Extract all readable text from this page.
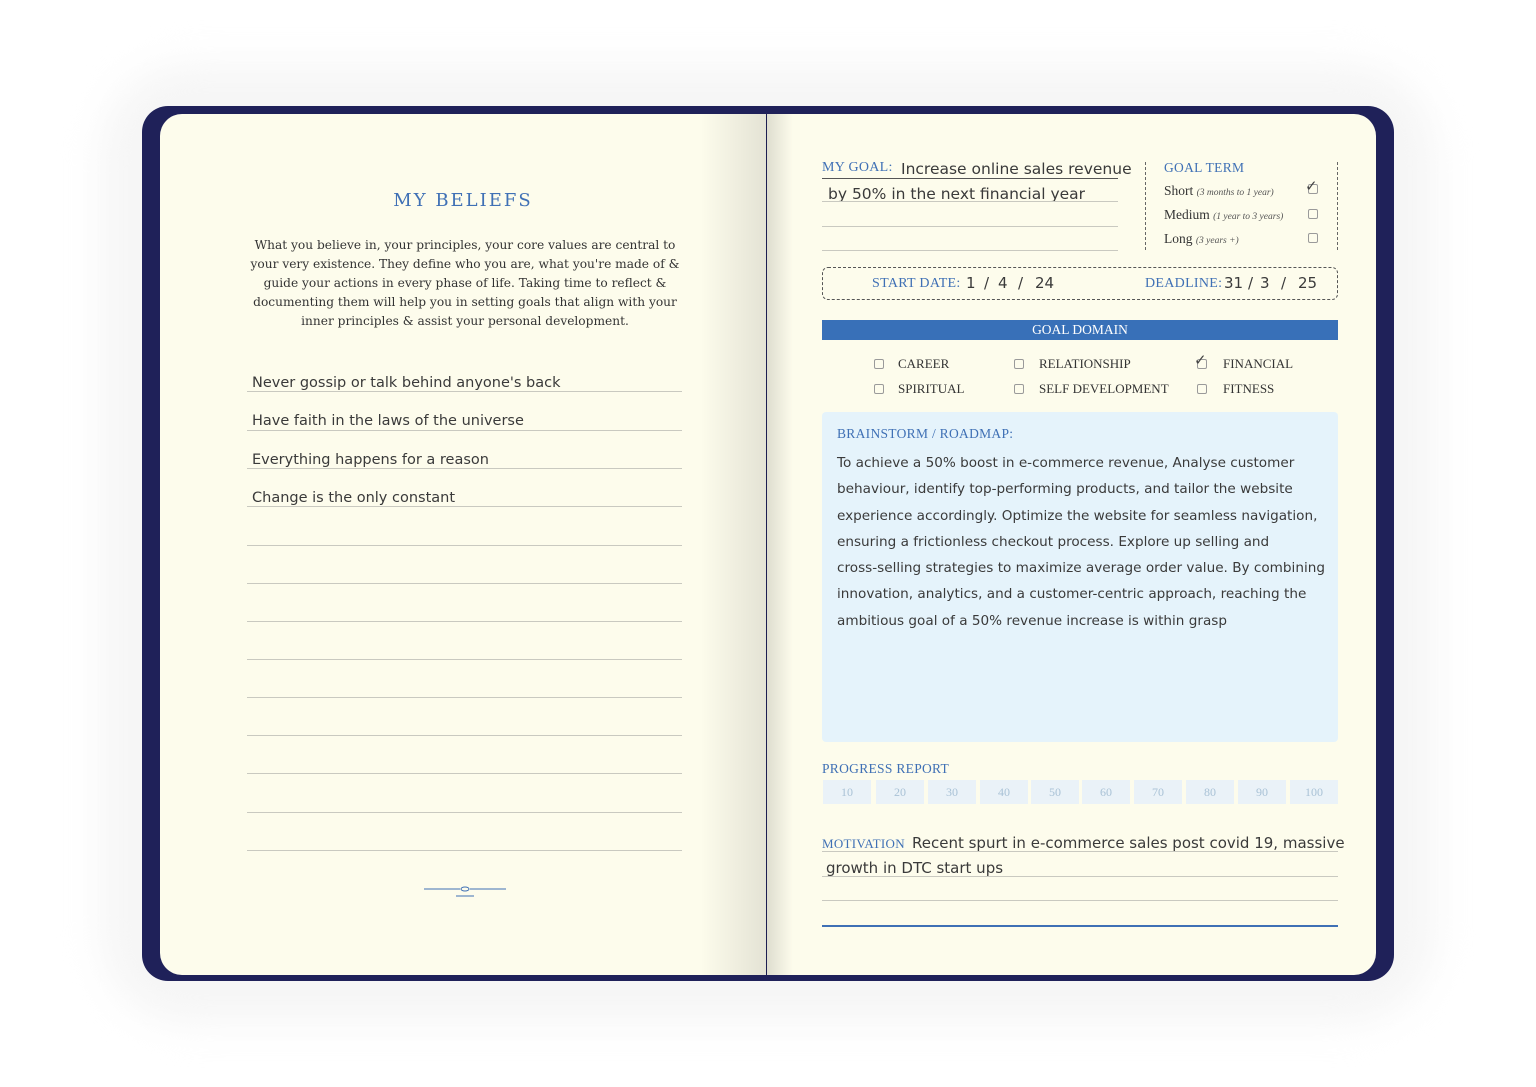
MY BELIEFS
What you believe in, your principles, your core values are central to your very existence. They define who you are, what you're made of & guide your actions in every phase of life. Taking time to reflect & documenting them will help you in setting goals that align with your inner principles & assist your personal development.
Never gossip or talk behind anyone's back
Have faith in the laws of the universe
Everything happens for a reason
Change is the only constant
MY GOAL: Increase online sales revenue
by 50% in the next financial year
GOAL TERM
Short (3 months to 1 year) ✓
Medium (1 year to 3 years)
Long (3 years +)
START DATE: 1 / 4 / 24	DEADLINE: 31 / 3 / 25
GOAL DOMAIN
CAREER	RELATIONSHIP	✓ FINANCIAL
SPIRITUAL	SELF DEVELOPMENT	FITNESS
BRAINSTORM / ROADMAP:
To achieve a 50% boost in e-commerce revenue, Analyse customer
behaviour, identify top-performing products, and tailor the website
experience accordingly. Optimize the website for seamless navigation,
ensuring a frictionless checkout process. Explore up selling and
cross-selling strategies to maximize average order value. By combining
innovation, analytics, and a customer-centric approach, reaching the
ambitious goal of a 50% revenue increase is within grasp
PROGRESS REPORT
10	20	30	40	50	60	70	80	90	100
MOTIVATION Recent spurt in e-commerce sales post covid 19, massive
growth in DTC start ups
